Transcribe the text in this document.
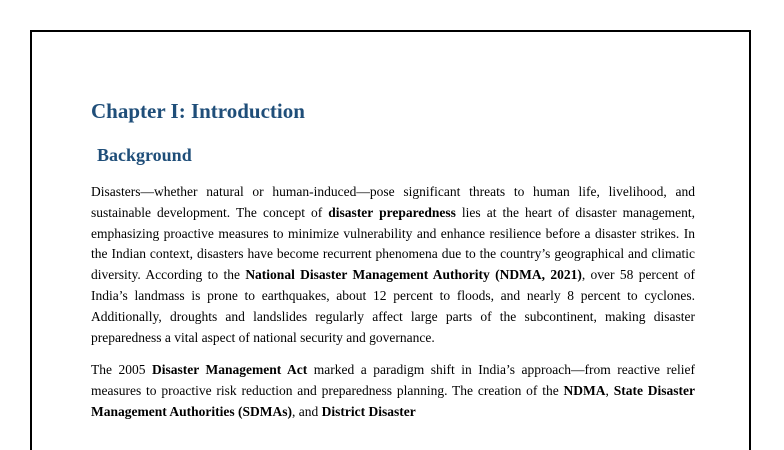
Chapter I: Introduction
Background

Disasters—whether natural or human-induced—pose significant threats to human life, livelihood, and sustainable development. The concept of disaster preparedness lies at the heart of disaster management, emphasizing proactive measures to minimize vulnerability and enhance resilience before a disaster strikes. In the Indian context, disasters have become recurrent phenomena due to the country’s geographical and climatic diversity. According to the National Disaster Management Authority (NDMA, 2021), over 58 percent of India’s landmass is prone to earthquakes, about 12 percent to floods, and nearly 8 percent to cyclones. Additionally, droughts and landslides regularly affect large parts of the subcontinent, making disaster preparedness a vital aspect of national security and governance.

The 2005 Disaster Management Act marked a paradigm shift in India’s approach—from reactive relief measures to proactive risk reduction and preparedness planning. The creation of the NDMA, State Disaster Management Authorities (SDMAs), and District Disaster
